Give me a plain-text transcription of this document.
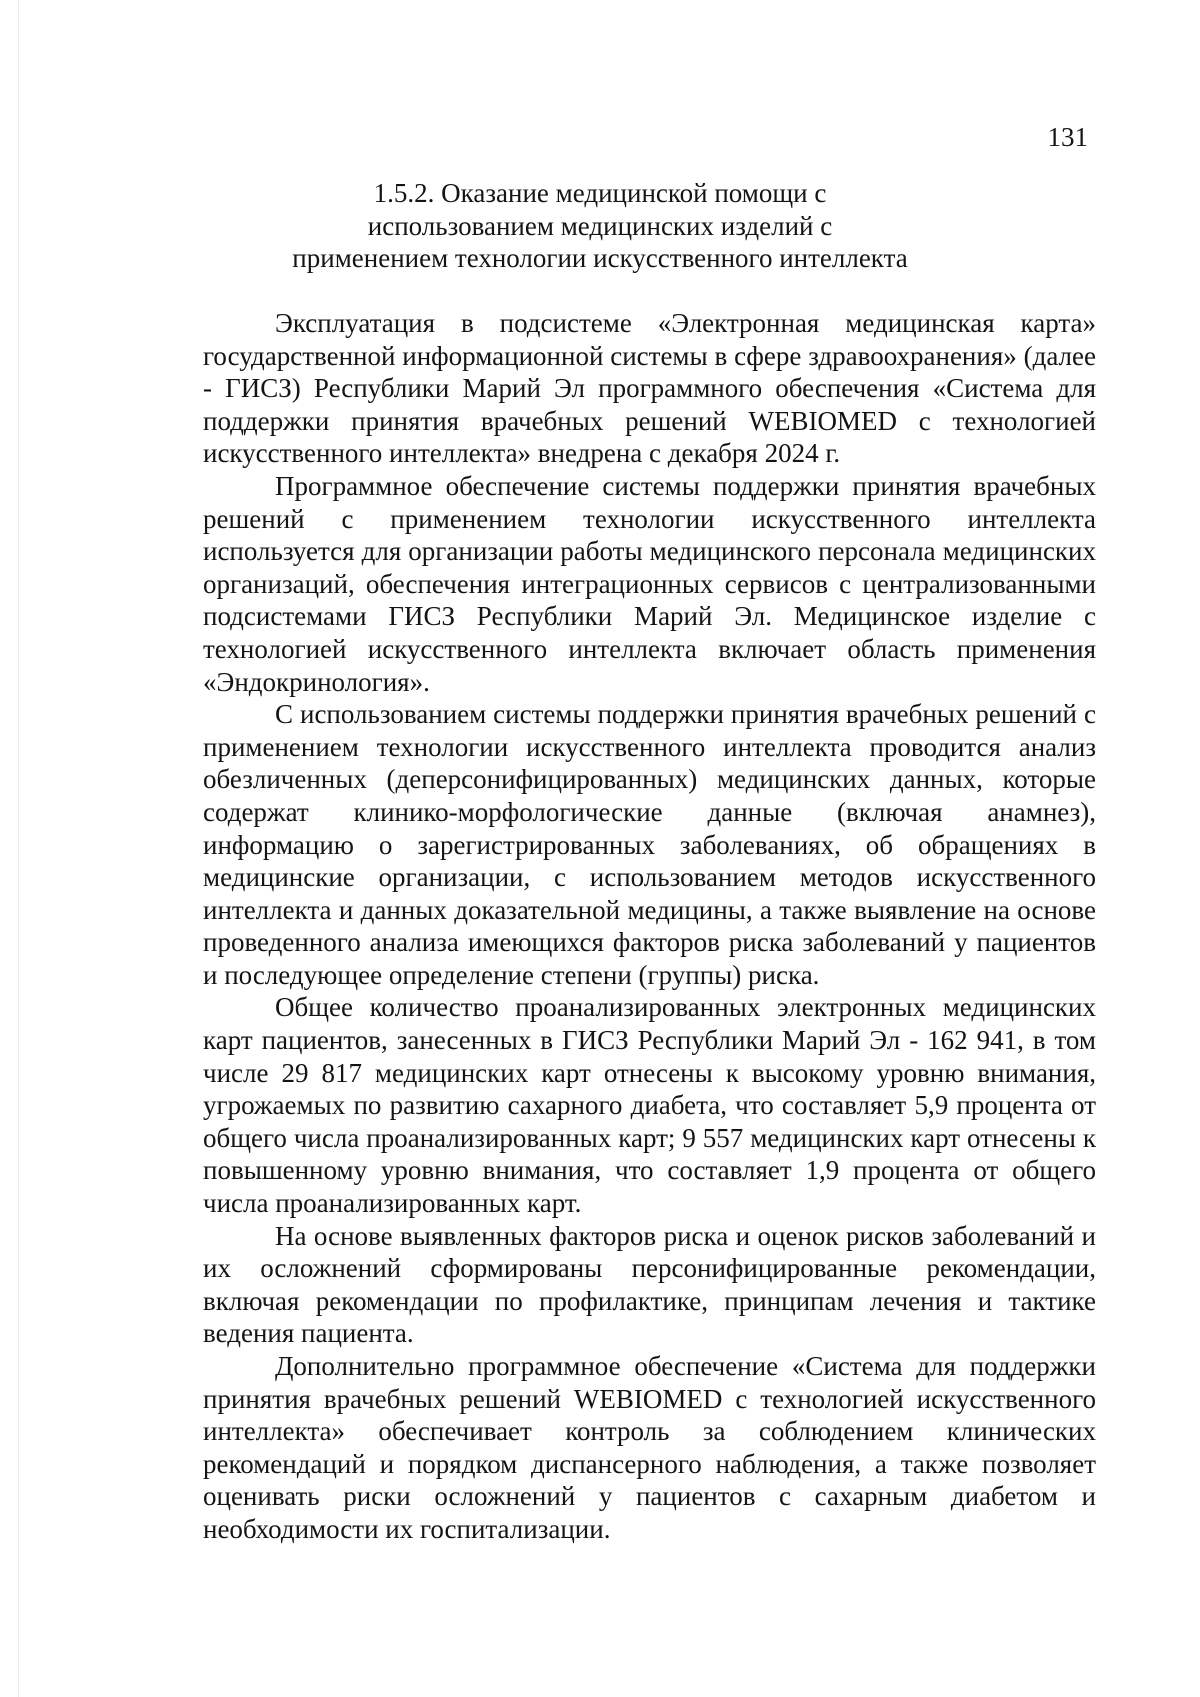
131
1.5.2. Оказание медицинской помощи с использованием медицинских изделий с применением технологии искусственного интеллекта

Эксплуатация в подсистеме «Электронная медицинская карта» государственной информационной системы в сфере здравоохранения» (далее - ГИСЗ) Республики Марий Эл программного обеспечения «Система для поддержки принятия врачебных решений WEBIOMED с технологией искусственного интеллекта» внедрена с декабря 2024 г.

Программное обеспечение системы поддержки принятия врачебных решений с применением технологии искусственного интеллекта используется для организации работы медицинского персонала медицинских организаций, обеспечения интеграционных сервисов с централизованными подсистемами ГИСЗ Республики Марий Эл. Медицинское изделие с технологией искусственного интеллекта включает область применения «Эндокринология».

С использованием системы поддержки принятия врачебных решений с применением технологии искусственного интеллекта проводится анализ обезличенных (деперсонифицированных) медицинских данных, которые содержат клинико-морфологические данные (включая анамнез), информацию о зарегистрированных заболеваниях, об обращениях в медицинские организации, с использованием методов искусственного интеллекта и данных доказательной медицины, а также выявление на основе проведенного анализа имеющихся факторов риска заболеваний у пациентов и последующее определение степени (группы) риска.

Общее количество проанализированных электронных медицинских карт пациентов, занесенных в ГИСЗ Республики Марий Эл - 162 941, в том числе 29 817 медицинских карт отнесены к высокому уровню внимания, угрожаемых по развитию сахарного диабета, что составляет 5,9 процента от общего числа проанализированных карт; 9 557 медицинских карт отнесены к повышенному уровню внимания, что составляет 1,9 процента от общего числа проанализированных карт.

На основе выявленных факторов риска и оценок рисков заболеваний и их осложнений сформированы персонифицированные рекомендации, включая рекомендации по профилактике, принципам лечения и тактике ведения пациента.

Дополнительно программное обеспечение «Система для поддержки принятия врачебных решений WEBIOMED с технологией искусственного интеллекта» обеспечивает контроль за соблюдением клинических рекомендаций и порядком диспансерного наблюдения, а также позволяет оценивать риски осложнений у пациентов с сахарным диабетом и необходимости их госпитализации.
